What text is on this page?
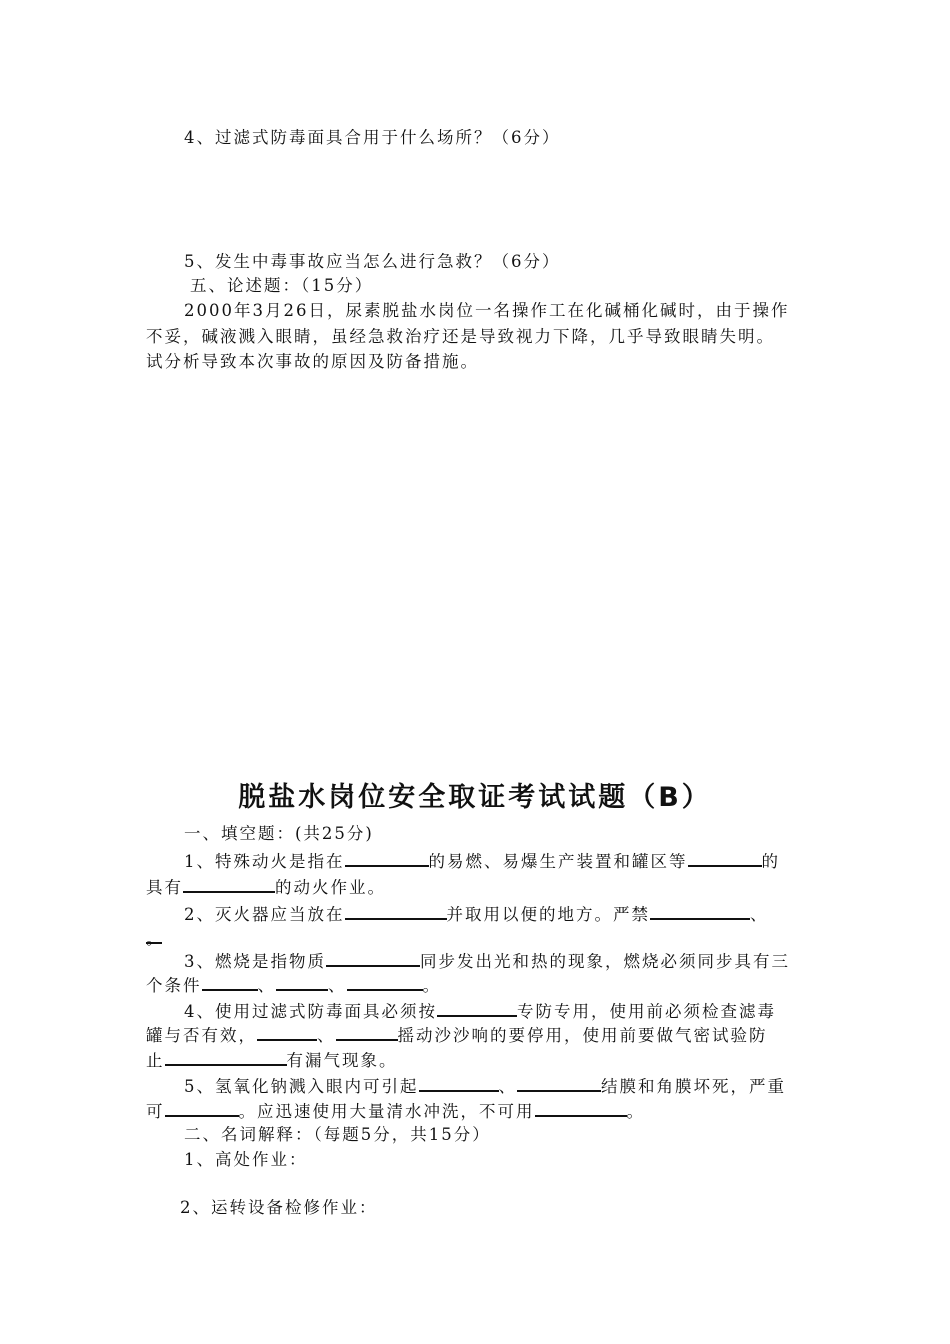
4、过滤式防毒面具合用于什么场所？（6分）
5、发生中毒事故应当怎么进行急救？（6分）
五、论述题：（15分）
2000年3月26日，尿素脱盐水岗位一名操作工在化碱桶化碱时，由于操作
不妥，碱液溅入眼睛，虽经急救治疗还是导致视力下降，几乎导致眼睛失明。
试分析导致本次事故的原因及防备措施。
脱盐水岗位安全取证考试试题（B）
一、填空题：(共25分)
1、特殊动火是指在	的易燃、易爆生产装置和罐区等	的
具有	的动火作业。
2、灭火器应当放在	并取用以便的地方。严禁	、
。
3、燃烧是指物质	同步发出光和热的现象，燃烧必须同步具有三
个条件	、	、	。
4、使用过滤式防毒面具必须按	专防专用，使用前必须检查滤毒
罐与否有效，	、	摇动沙沙响的要停用，使用前要做气密试验防
止	有漏气现象。
5、氢氧化钠溅入眼内可引起	、	结膜和角膜坏死，严重
可	。应迅速使用大量清水冲洗，不可用	。
二、名词解释：（每题5分，共15分）
1、高处作业：
2、运转设备检修作业：
